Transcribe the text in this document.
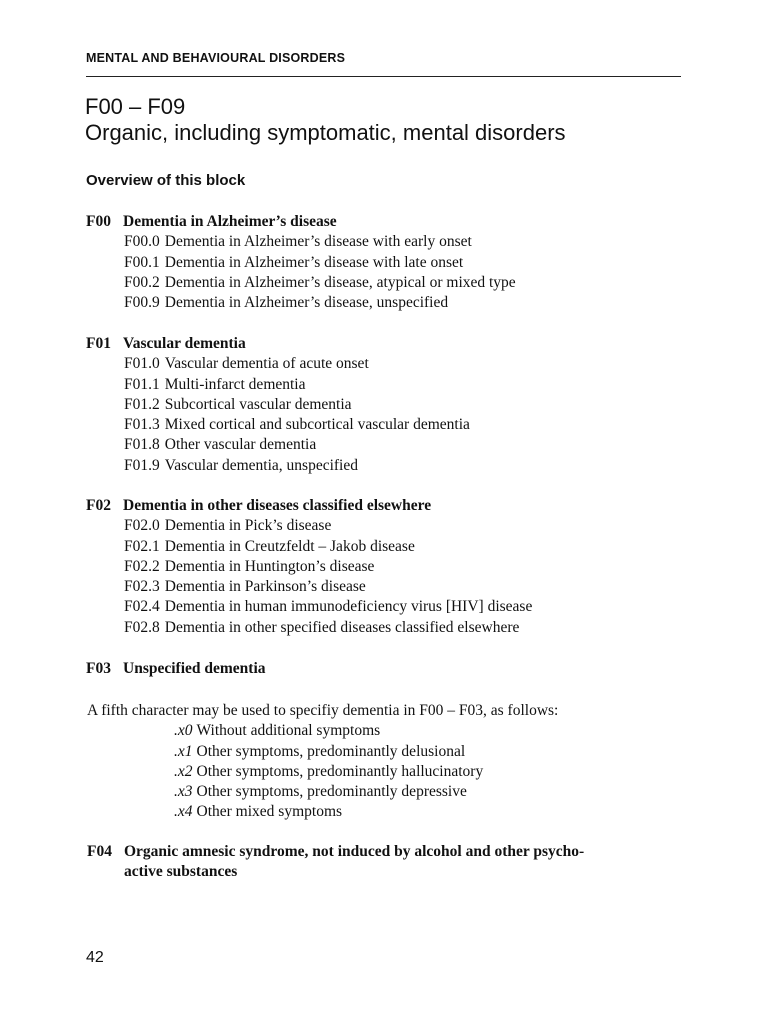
MENTAL AND BEHAVIOURAL DISORDERS
F00 – F09
Organic, including symptomatic, mental disorders
Overview of this block
F00 Dementia in Alzheimer’s disease
F00.0 Dementia in Alzheimer’s disease with early onset
F00.1 Dementia in Alzheimer’s disease with late onset
F00.2 Dementia in Alzheimer’s disease, atypical or mixed type
F00.9 Dementia in Alzheimer’s disease, unspecified
F01 Vascular dementia
F01.0 Vascular dementia of acute onset
F01.1 Multi-infarct dementia
F01.2 Subcortical vascular dementia
F01.3 Mixed cortical and subcortical vascular dementia
F01.8 Other vascular dementia
F01.9 Vascular dementia, unspecified
F02 Dementia in other diseases classified elsewhere
F02.0 Dementia in Pick’s disease
F02.1 Dementia in Creutzfeldt – Jakob disease
F02.2 Dementia in Huntington’s disease
F02.3 Dementia in Parkinson’s disease
F02.4 Dementia in human immunodeficiency virus [HIV] disease
F02.8 Dementia in other specified diseases classified elsewhere
F03 Unspecified dementia
A fifth character may be used to specifiy dementia in F00 – F03, as follows:
.x0 Without additional symptoms
.x1 Other symptoms, predominantly delusional
.x2 Other symptoms, predominantly hallucinatory
.x3 Other symptoms, predominantly depressive
.x4 Other mixed symptoms
F04 Organic amnesic syndrome, not induced by alcohol and other psycho-
active substances
42
